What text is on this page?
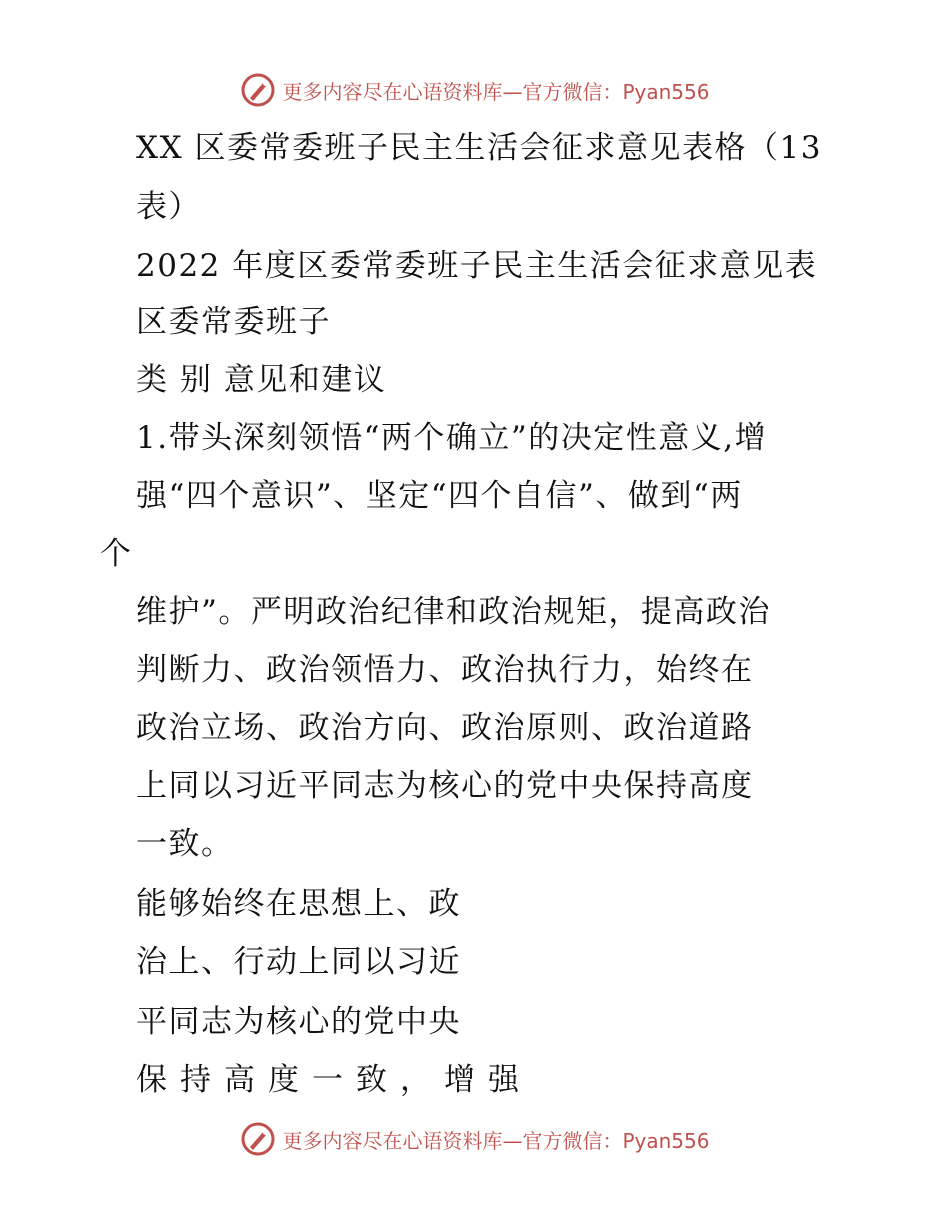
更多内容尽在心语资料库—官方微信：Pyan556
XX 区委常委班子民主生活会征求意见表格（13
表）
2022 年度区委常委班子民主生活会征求意见表
区委常委班子
类 别 意见和建议
1.带头深刻领悟“两个确立”的决定性意义,增
强“四个意识”、坚定“四个自信”、做到“两
个
维护”。严明政治纪律和政治规矩，提高政治
判断力、政治领悟力、政治执行力，始终在
政治立场、政治方向、政治原则、政治道路
上同以习近平同志为核心的党中央保持高度
一致。
能够始终在思想上、政
治上、行动上同以习近
平同志为核心的党中央
保持高度一致，增强
更多内容尽在心语资料库—官方微信：Pyan556
